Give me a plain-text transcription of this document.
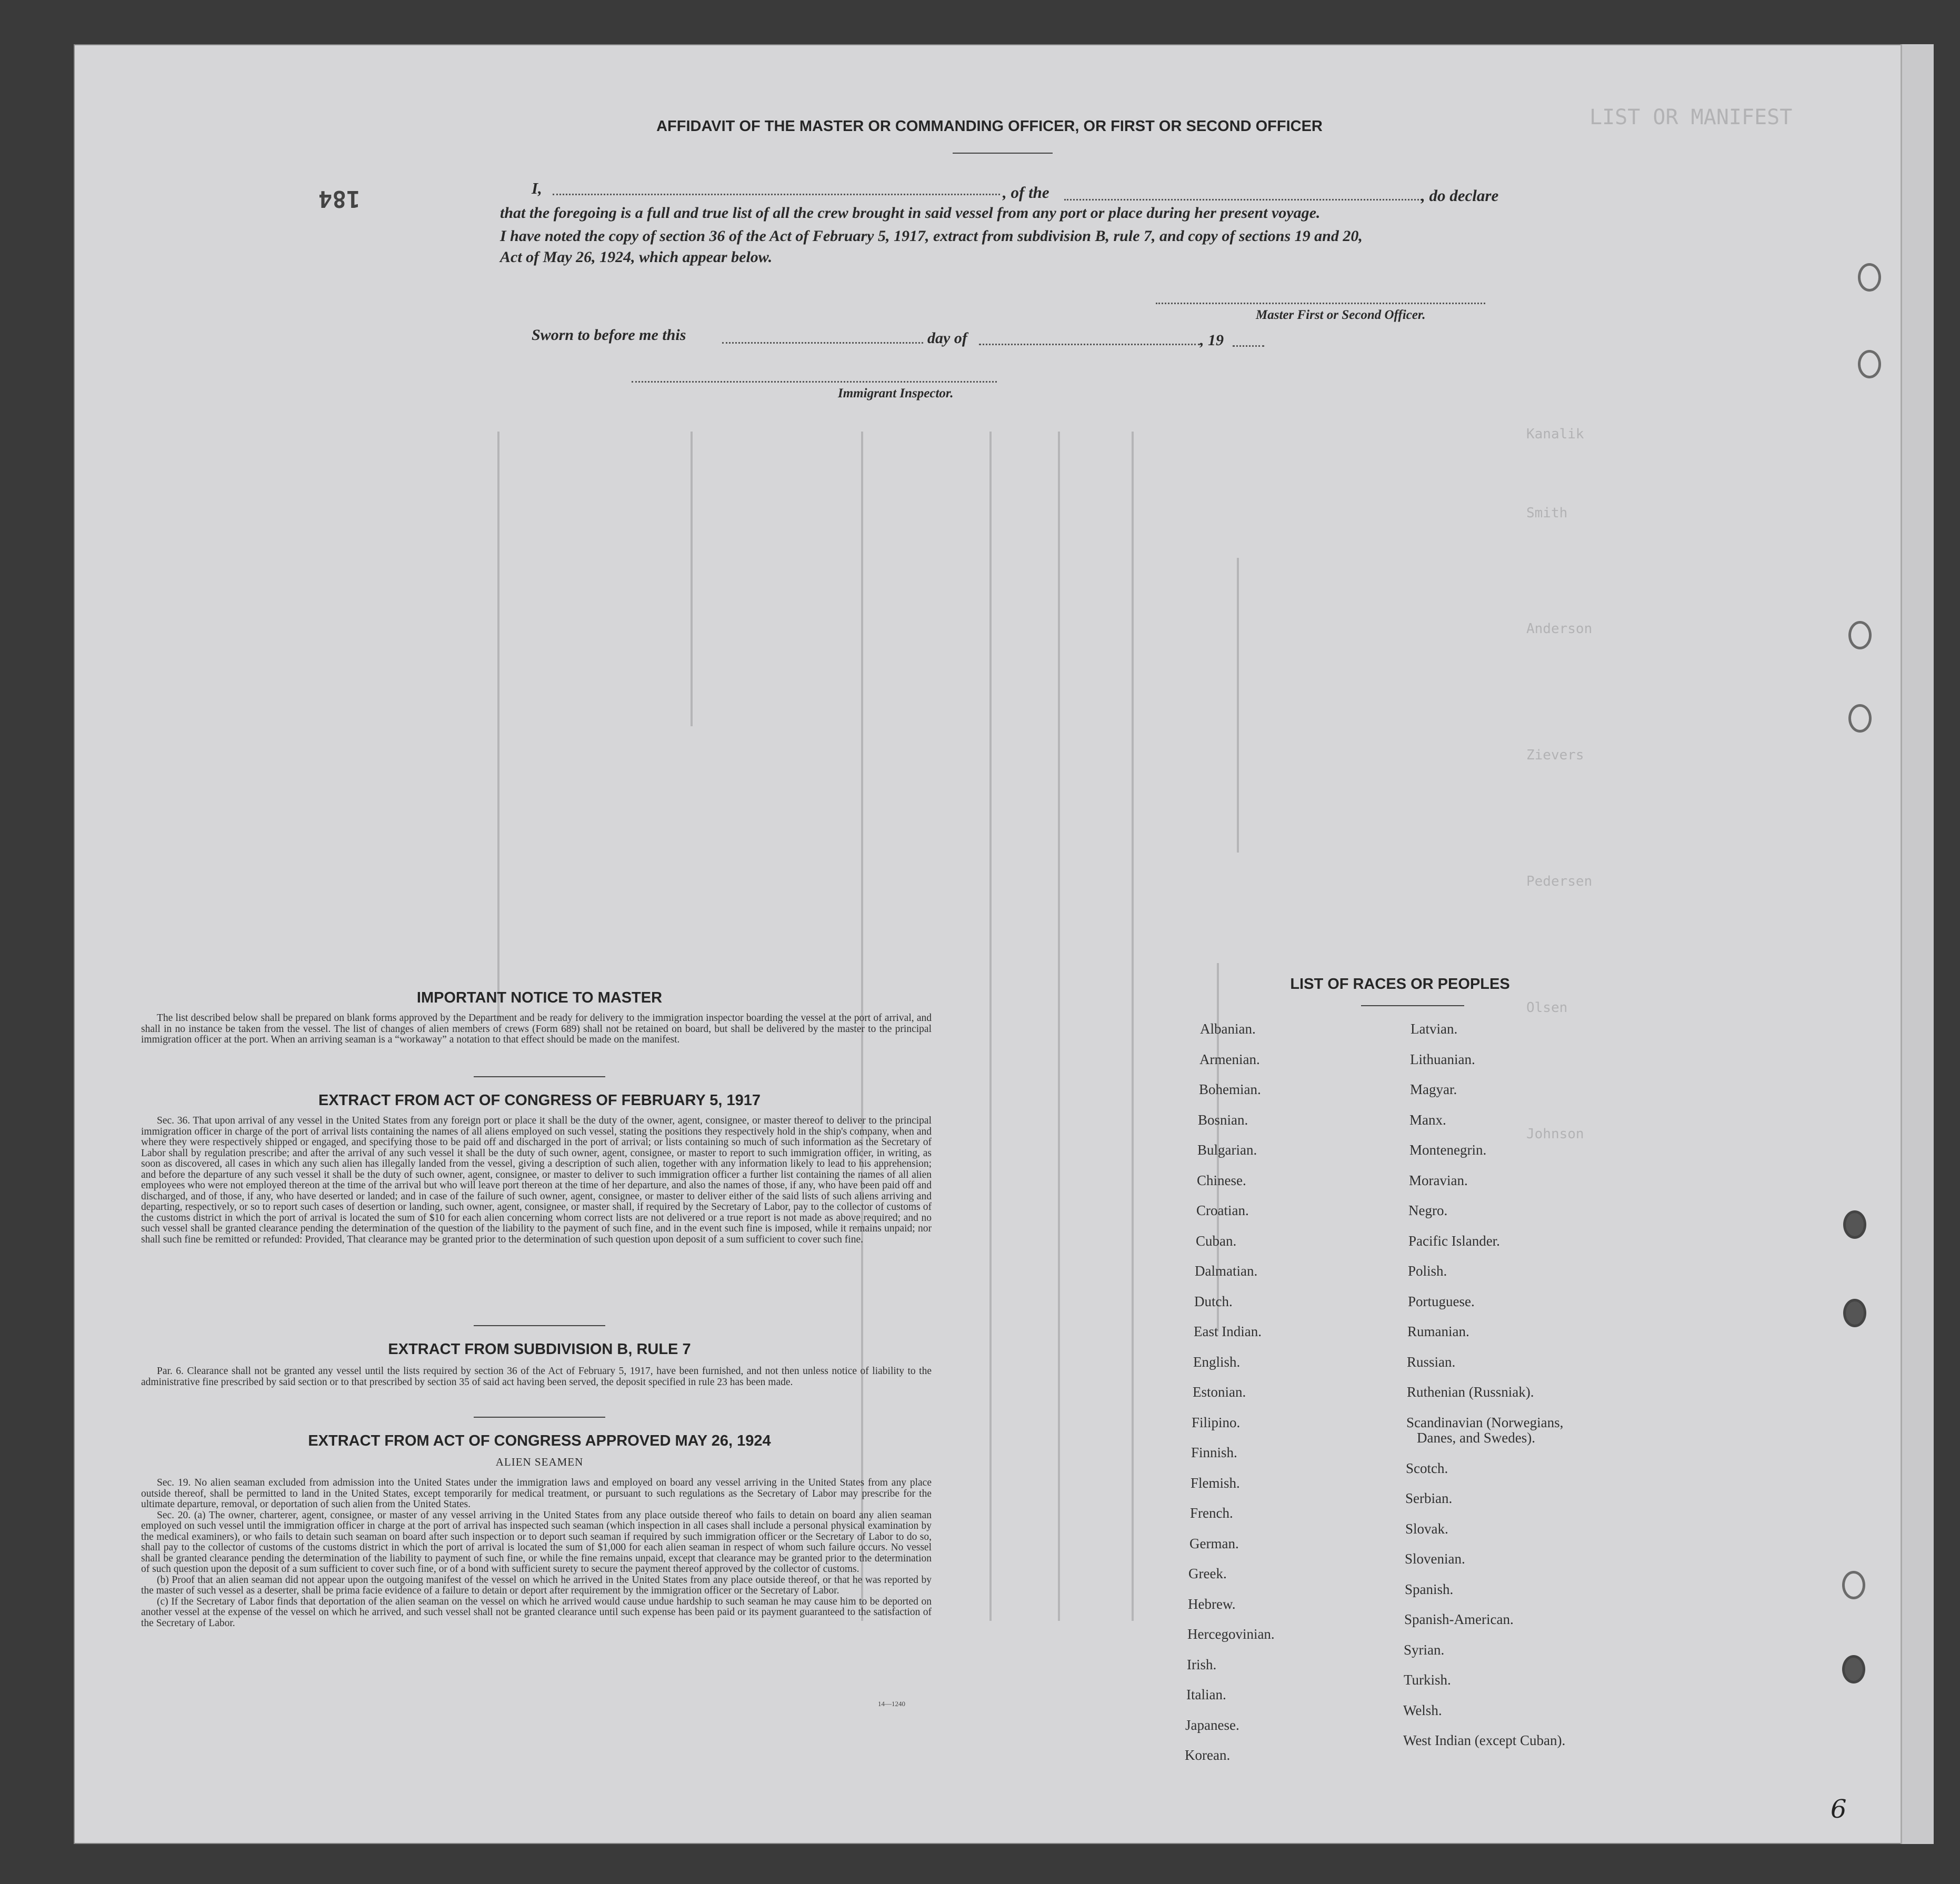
LIST OR MANIFEST
Kanalik
Smith
Anderson
Zievers
Pedersen
Olsen
Johnson
184
AFFIDAVIT OF THE MASTER OR COMMANDING OFFICER, OR FIRST OR SECOND OFFICER
I,	, of the	, do declare
that the foregoing is a full and true list of all the crew brought in said vessel from any port or place during her present voyage.
I have noted the copy of section 36 of the Act of February 5, 1917, extract from subdivision B, rule 7, and copy of sections 19 and 20,
Act of May 26, 1924, which appear below.
Master First or Second Officer.
Sworn to before me this	day of	, 19
Immigrant Inspector.
IMPORTANT NOTICE TO MASTER

The list described below shall be prepared on blank forms approved by the Department and be ready for delivery to the immigration inspector boarding the vessel at the port of arrival, and shall in no instance be taken from the vessel. The list of changes of alien members of crews (Form 689) shall not be retained on board, but shall be delivered by the master to the principal immigration officer at the port. When an arriving seaman is a “workaway” a notation to that effect should be made on the manifest.

EXTRACT FROM ACT OF CONGRESS OF FEBRUARY 5, 1917

Sec. 36. That upon arrival of any vessel in the United States from any foreign port or place it shall be the duty of the owner, agent, consignee, or master thereof to deliver to the principal immigration officer in charge of the port of arrival lists containing the names of all aliens employed on such vessel, stating the positions they respectively hold in the ship's company, when and where they were respectively shipped or engaged, and specifying those to be paid off and discharged in the port of arrival; or lists containing so much of such information as the Secretary of Labor shall by regulation prescribe; and after the arrival of any such vessel it shall be the duty of such owner, agent, consignee, or master to report to such immigration officer, in writing, as soon as discovered, all cases in which any such alien has illegally landed from the vessel, giving a description of such alien, together with any information likely to lead to his apprehension; and before the departure of any such vessel it shall be the duty of such owner, agent, consignee, or master to deliver to such immigration officer a further list containing the names of all alien employees who were not employed thereon at the time of the arrival but who will leave port thereon at the time of her departure, and also the names of those, if any, who have been paid off and discharged, and of those, if any, who have deserted or landed; and in case of the failure of such owner, agent, consignee, or master to deliver either of the said lists of such aliens arriving and departing, respectively, or so to report such cases of desertion or landing, such owner, agent, consignee, or master shall, if required by the Secretary of Labor, pay to the collector of customs of the customs district in which the port of arrival is located the sum of $10 for each alien concerning whom correct lists are not delivered or a true report is not made as above required; and no such vessel shall be granted clearance pending the determination of the question of the liability to the payment of such fine, and in the event such fine is imposed, while it remains unpaid; nor shall such fine be remitted or refunded: Provided, That clearance may be granted prior to the determination of such question upon deposit of a sum sufficient to cover such fine.

EXTRACT FROM SUBDIVISION B, RULE 7

Par. 6. Clearance shall not be granted any vessel until the lists required by section 36 of the Act of February 5, 1917, have been furnished, and not then unless notice of liability to the administrative fine prescribed by said section or to that prescribed by section 35 of said act having been served, the deposit specified in rule 23 has been made.

EXTRACT FROM ACT OF CONGRESS APPROVED MAY 26, 1924
ALIEN SEAMEN

Sec. 19. No alien seaman excluded from admission into the United States under the immigration laws and employed on board any vessel arriving in the United States from any place outside thereof, shall be permitted to land in the United States, except temporarily for medical treatment, or pursuant to such regulations as the Secretary of Labor may prescribe for the ultimate departure, removal, or deportation of such alien from the United States.

Sec. 20. (a) The owner, charterer, agent, consignee, or master of any vessel arriving in the United States from any place outside thereof who fails to detain on board any alien seaman employed on such vessel until the immigration officer in charge at the port of arrival has inspected such seaman (which inspection in all cases shall include a personal physical examination by the medical examiners), or who fails to detain such seaman on board after such inspection or to deport such seaman if required by such immigration officer or the Secretary of Labor to do so, shall pay to the collector of customs of the customs district in which the port of arrival is located the sum of $1,000 for each alien seaman in respect of whom such failure occurs. No vessel shall be granted clearance pending the determination of the liability to payment of such fine, or while the fine remains unpaid, except that clearance may be granted prior to the determination of such question upon the deposit of a sum sufficient to cover such fine, or of a bond with sufficient surety to secure the payment thereof approved by the collector of customs.

(b) Proof that an alien seaman did not appear upon the outgoing manifest of the vessel on which he arrived in the United States from any place outside thereof, or that he was reported by the master of such vessel as a deserter, shall be prima facie evidence of a failure to detain or deport after requirement by the immigration officer or the Secretary of Labor.

(c) If the Secretary of Labor finds that deportation of the alien seaman on the vessel on which he arrived would cause undue hardship to such seaman he may cause him to be deported on another vessel at the expense of the vessel on which he arrived, and such vessel shall not be granted clearance until such expense has been paid or its payment guaranteed to the satisfaction of the Secretary of Labor.

14—1240
LIST OF RACES OR PEOPLES
Albanian.
Armenian.
Bohemian.
Bosnian.
Bulgarian.
Chinese.
Croatian.
Cuban.
Dalmatian.
Dutch.
East Indian.
English.
Estonian.
Filipino.
Finnish.
Flemish.
French.
German.
Greek.
Hebrew.
Hercegovinian.
Irish.
Italian.
Japanese.
Korean.
Latvian.
Lithuanian.
Magyar.
Manx.
Montenegrin.
Moravian.
Negro.
Pacific Islander.
Polish.
Portuguese.
Rumanian.
Russian.
Ruthenian (Russniak).
Scandinavian (Norwegians,
Danes, and Swedes).
Scotch.
Serbian.
Slovak.
Slovenian.
Spanish.
Spanish-American.
Syrian.
Turkish.
Welsh.
West Indian (except Cuban).
6
